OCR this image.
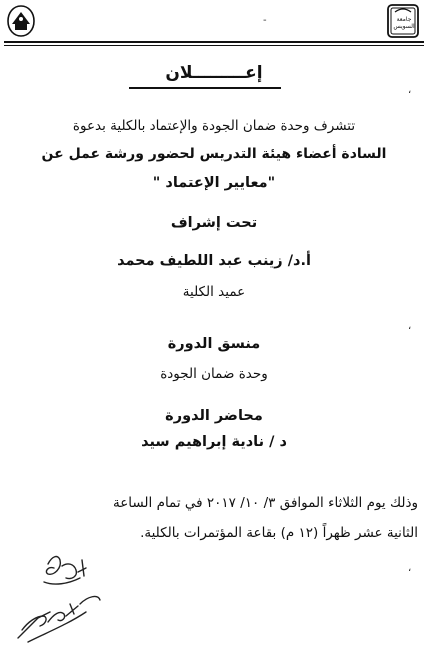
جامعة
السويس
-
،
،
،
إعـــــــــلان
تتشرف وحدة ضمان الجودة والإعتماد بالكلية بدعوة
السادة أعضاء هيئة التدريس لحضور ورشة عمل عن
"معايير الإعتماد "
تحت إشراف
أ.د/ زينب عبد اللطيف محمد
عميد الكلية
منسق الدورة
وحدة ضمان الجودة
محاضر الدورة
د / نادية إبراهيم سيد
وذلك يوم الثلاثاء الموافق ٣/ ١٠/ ٢٠١٧ في تمام الساعة
الثانية عشر ظهراً (١٢ م) بقاعة المؤتمرات بالكلية.
